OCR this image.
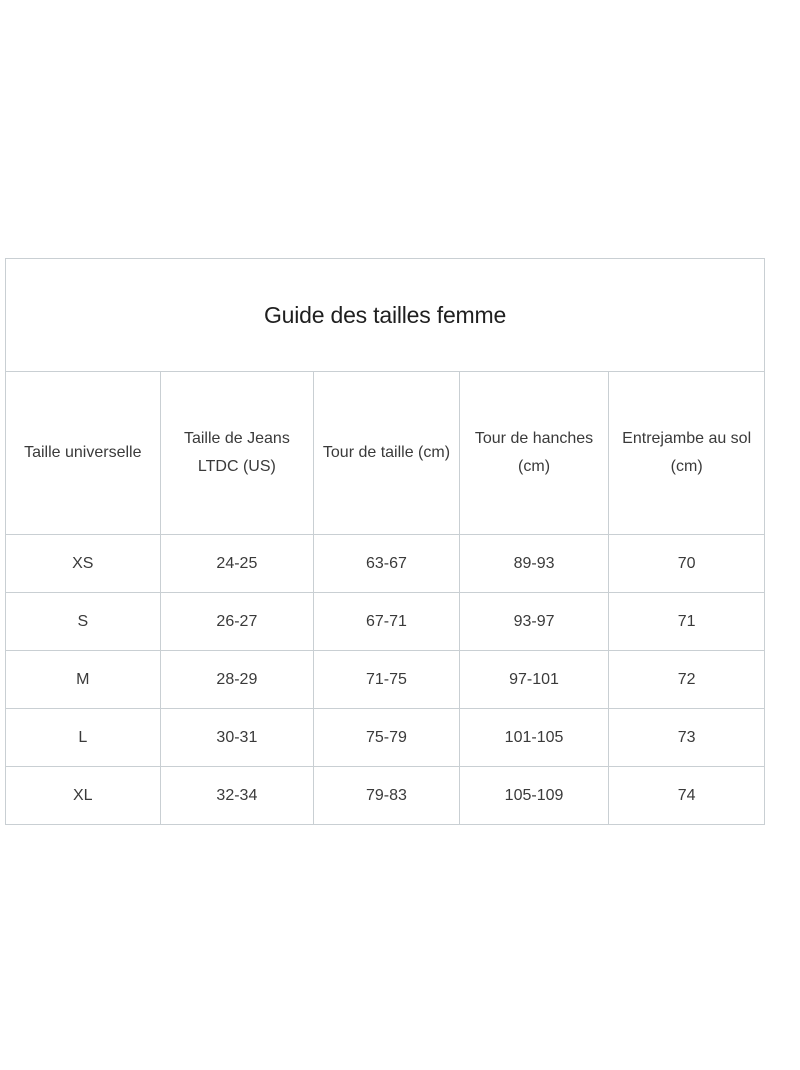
Guide des tailles femme				
Taille universelle	Taille de Jeans LTDC (US)	Tour de taille (cm)	Tour de hanches (cm)	Entrejambe au sol (cm)
XS	24-25	63-67	89-93	70
S	26-27	67-71	93-97	71
M	28-29	71-75	97-101	72
L	30-31	75-79	101-105	73
XL	32-34	79-83	105-109	74
